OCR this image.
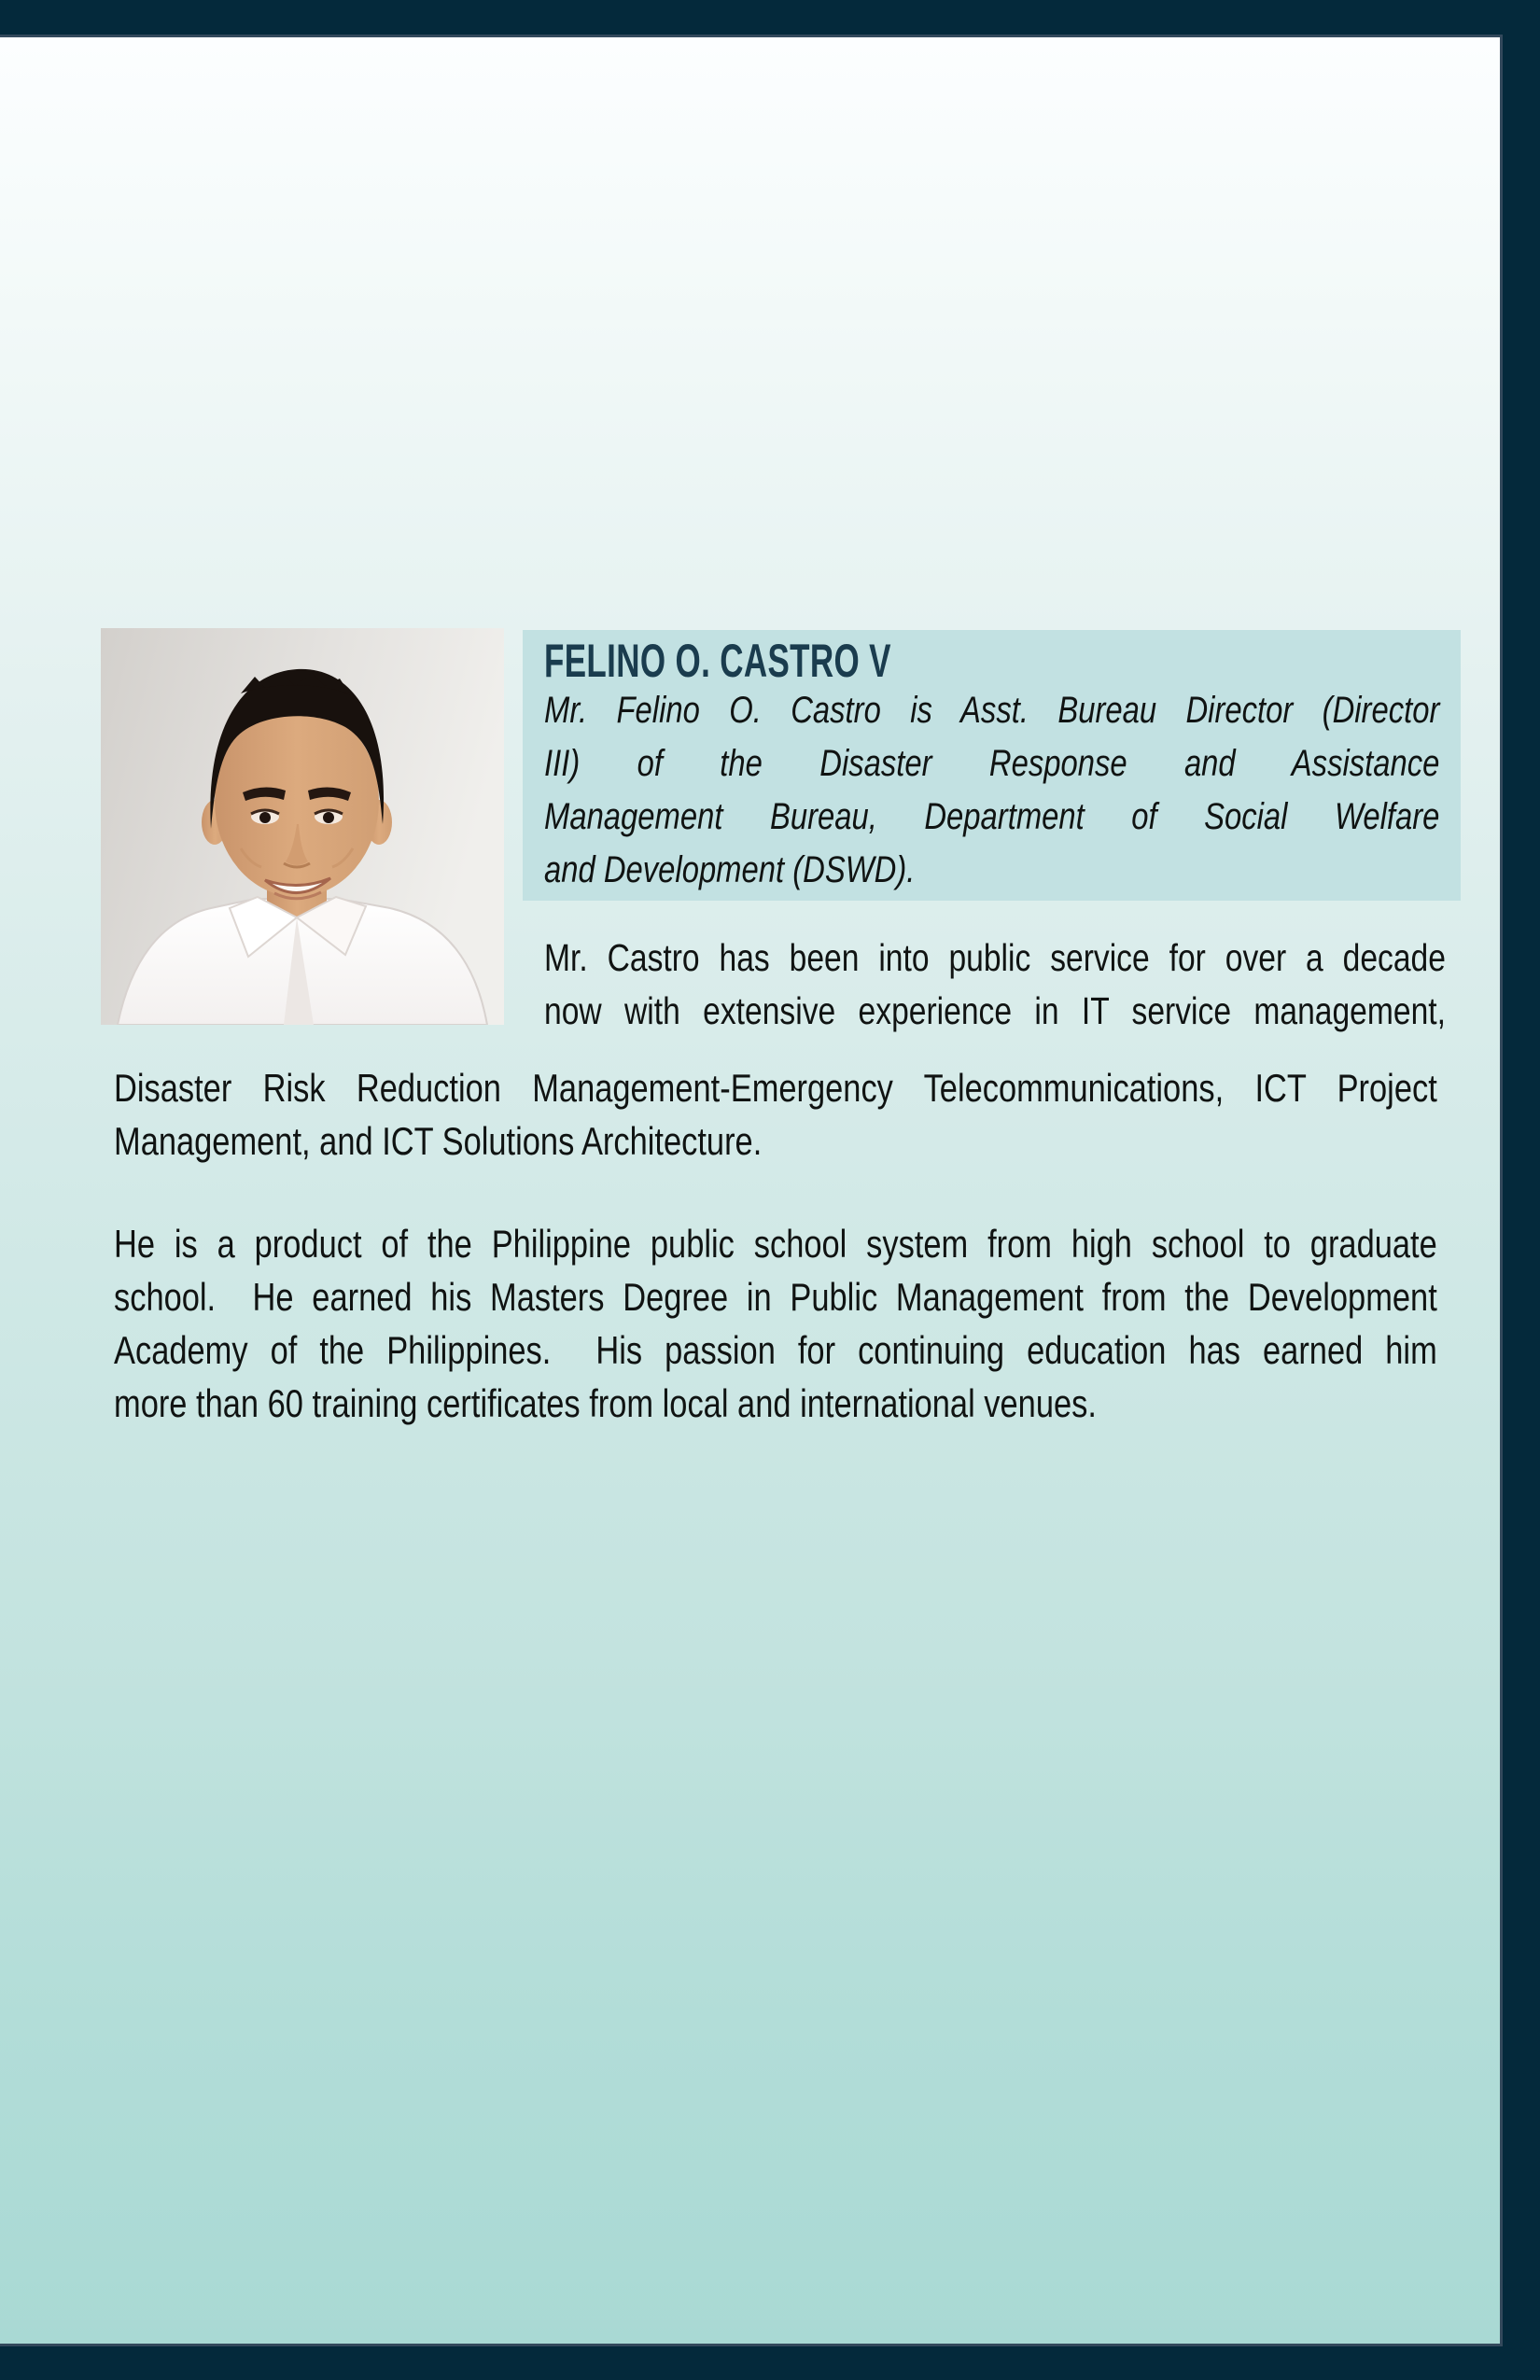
FELINO O. CASTRO V
Mr. Felino O. Castro is Asst. Bureau Director (Director
III) of the Disaster Response and Assistance
Management Bureau, Department of Social Welfare
and Development (DSWD).
Mr. Castro has been into public service for over a decade
now with extensive experience in IT service management,
Disaster Risk Reduction Management-Emergency Telecommunications, ICT Project
Management, and ICT Solutions Architecture.
He is a product of the Philippine public school system from high school to graduate
school.  He earned his Masters Degree in Public Management from the Development
Academy of the Philippines.  His passion for continuing education has earned him
more than 60 training certificates from local and international venues.
